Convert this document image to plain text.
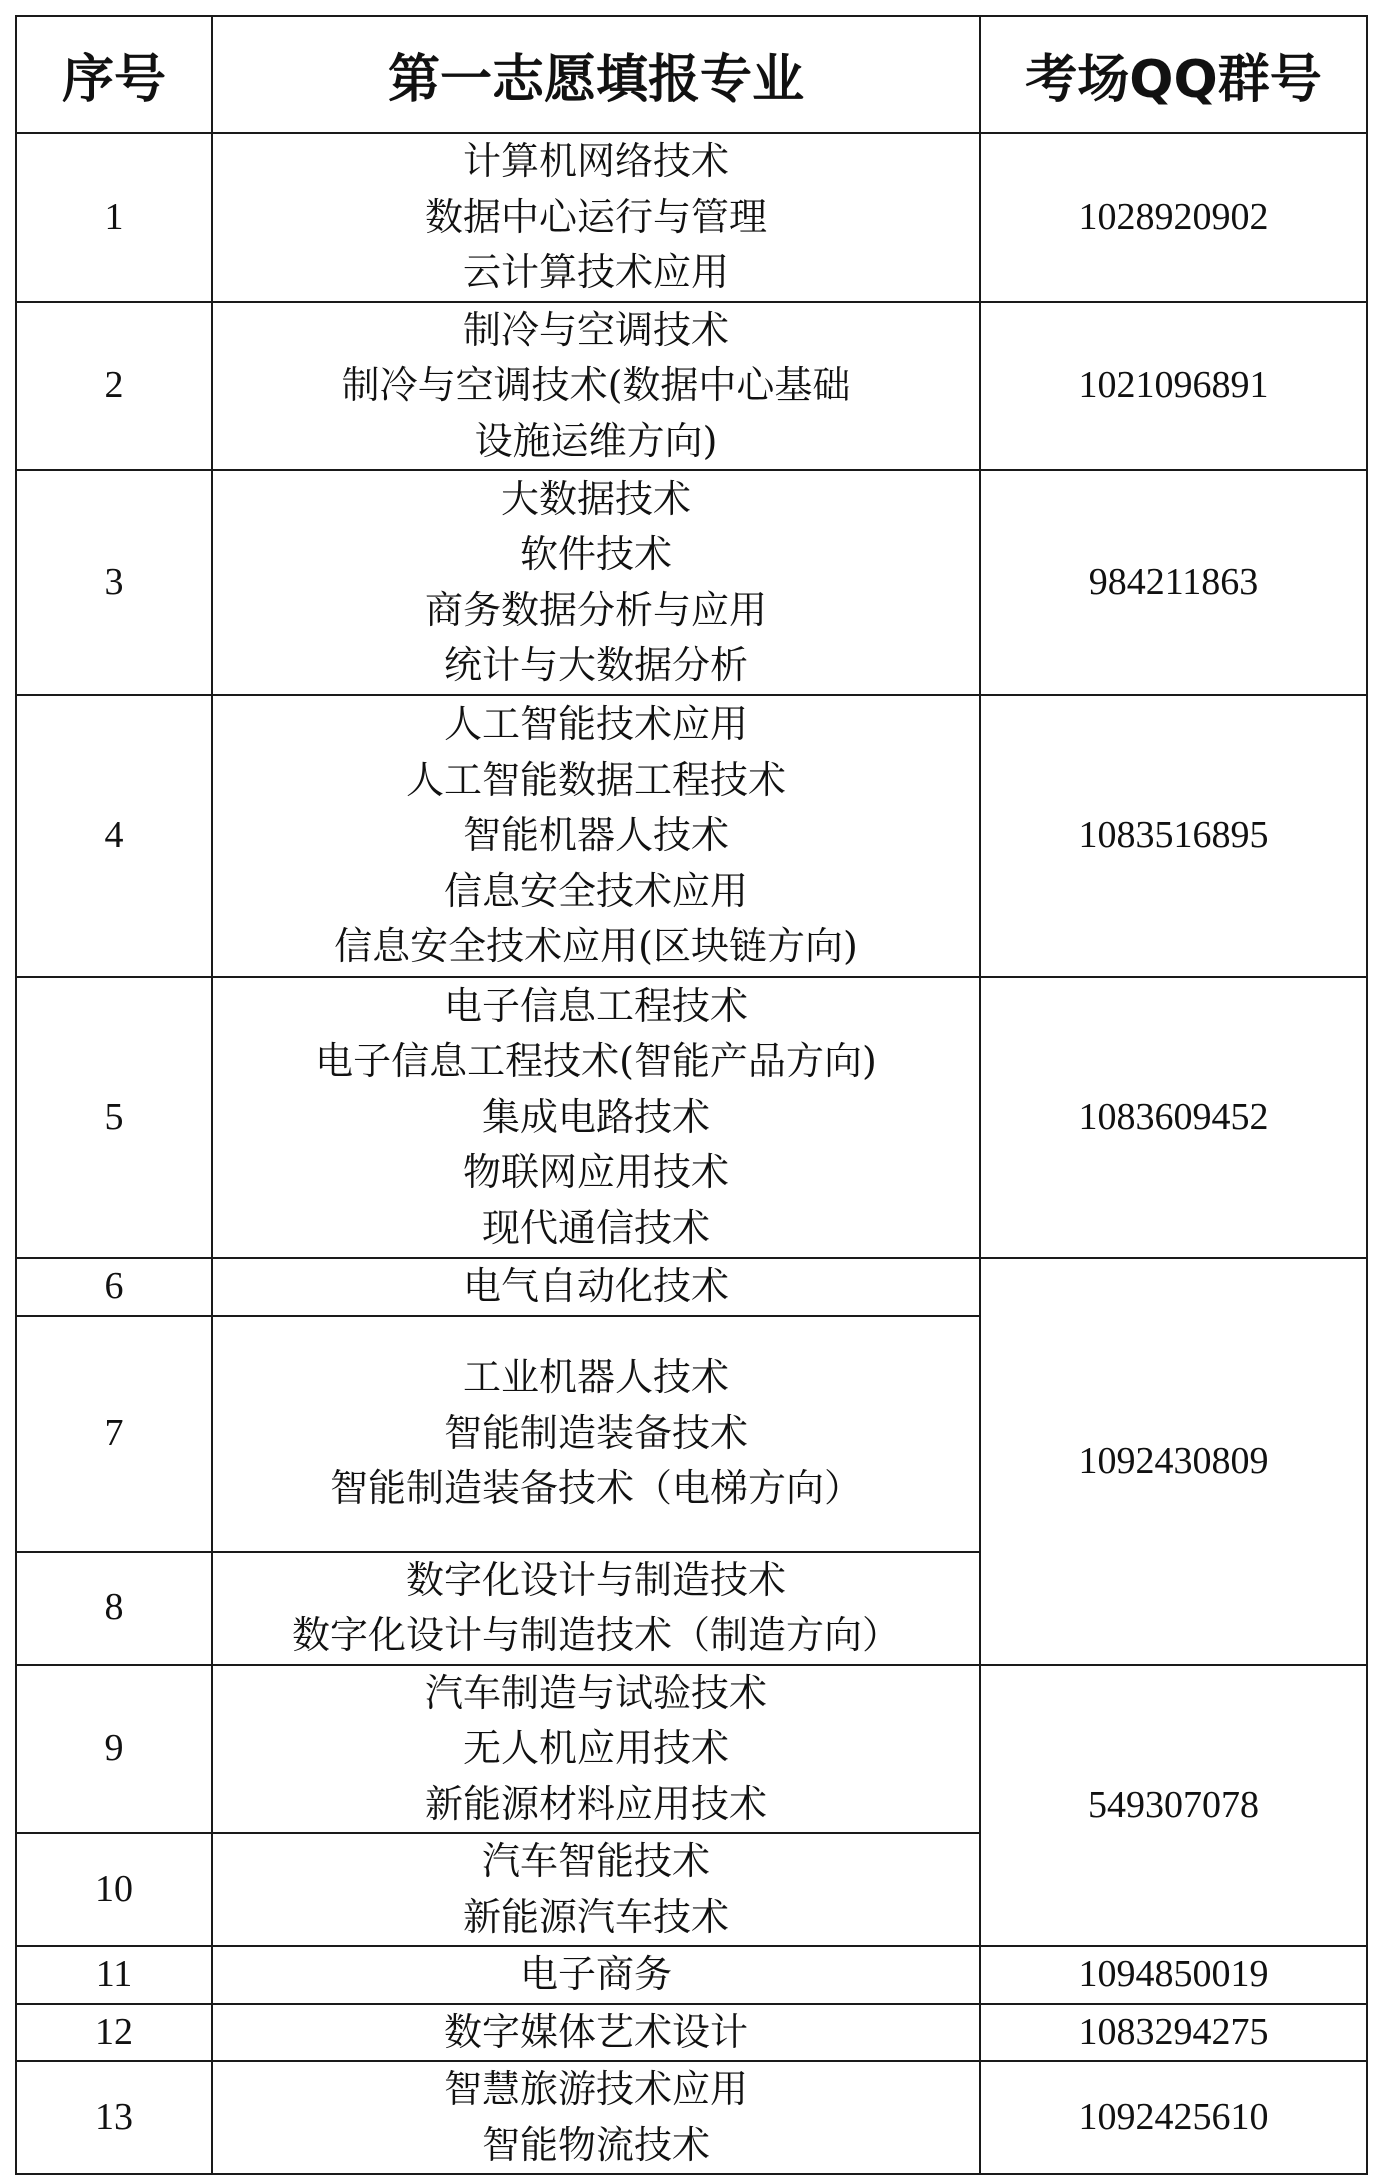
序号	第一志愿填报专业	考场QQ群号
1	计算机网络技术
数据中心运行与管理
云计算技术应用	1028920902
2	制冷与空调技术
制冷与空调技术(数据中心基础
设施运维方向)	1021096891
3	大数据技术
软件技术
商务数据分析与应用
统计与大数据分析	984211863
4	人工智能技术应用
人工智能数据工程技术
智能机器人技术
信息安全技术应用
信息安全技术应用(区块链方向)	1083516895
5	电子信息工程技术
电子信息工程技术(智能产品方向)
集成电路技术
物联网应用技术
现代通信技术	1083609452
6	电气自动化技术	1092430809
7	工业机器人技术
智能制造装备技术
智能制造装备技术（电梯方向）	

8	数字化设计与制造技术
数字化设计与制造技术（制造方向）	

9	汽车制造与试验技术
无人机应用技术
新能源材料应用技术	549307078
10	汽车智能技术
新能源汽车技术	

11	电子商务	1094850019
12	数字媒体艺术设计	1083294275
13	智慧旅游技术应用
智能物流技术	1092425610
